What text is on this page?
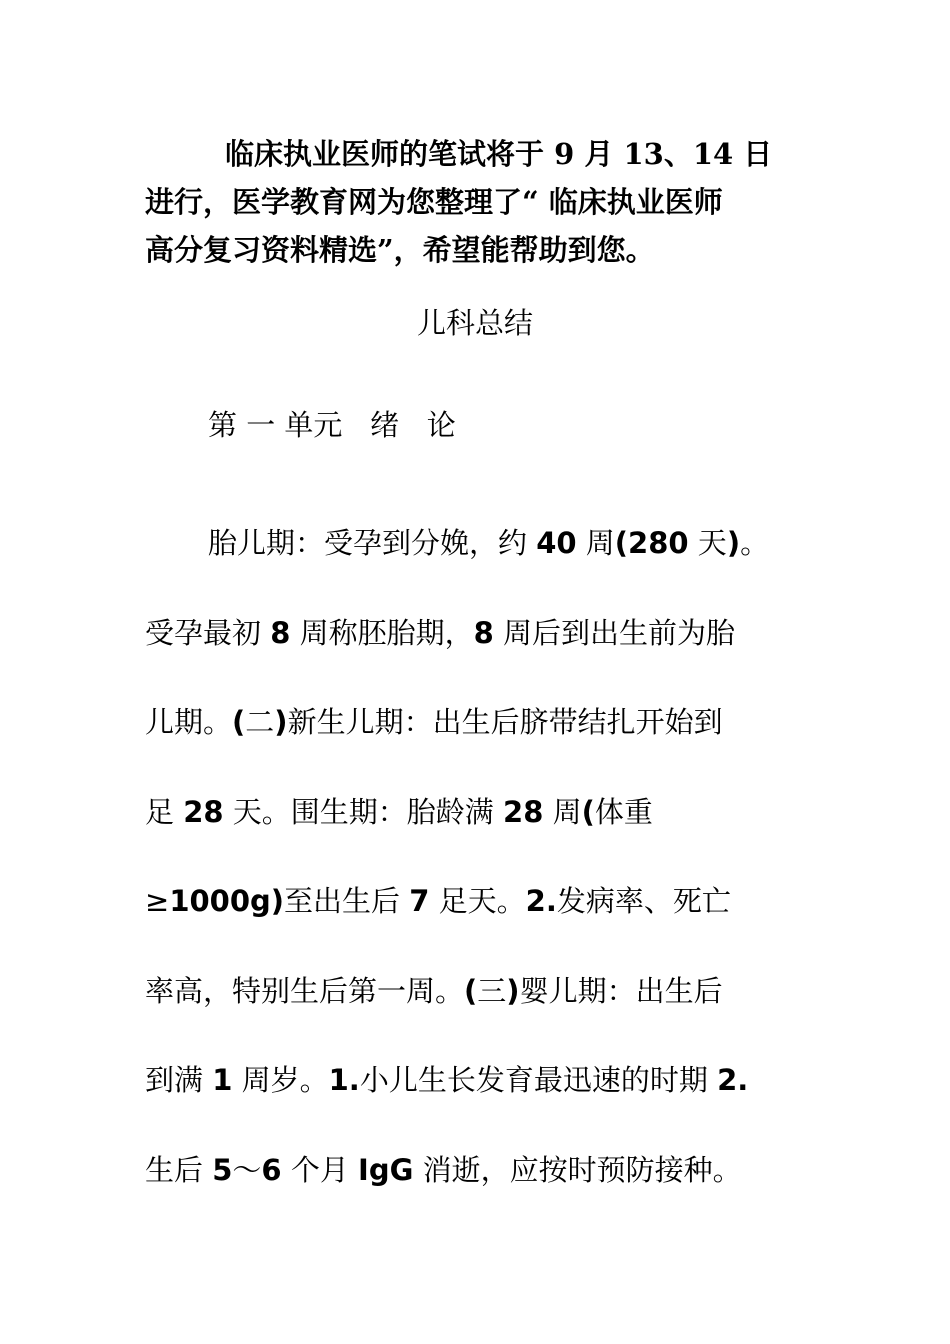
临床执业医师的笔试将于 9 月 13、14 日
进行，医学教育网为您整理了“ 临床执业医师
高分复习资料精选”，希望能帮助到您。

儿科总结
第 一 单元   绪   论
胎儿期：受孕到分娩，约 40 周(280 天)。
受孕最初 8 周称胚胎期，8 周后到出生前为胎
儿期。(二)新生儿期：出生后脐带结扎开始到
足 28 天。围生期：胎龄满 28 周(体重
≥1000g)至出生后 7 足天。2.发病率、死亡
率高，特别生后第一周。(三)婴儿期：出生后
到满 1 周岁。1.小儿生长发育最迅速的时期 2.
生后 5～6 个月 IgG 消逝，应按时预防接种。
